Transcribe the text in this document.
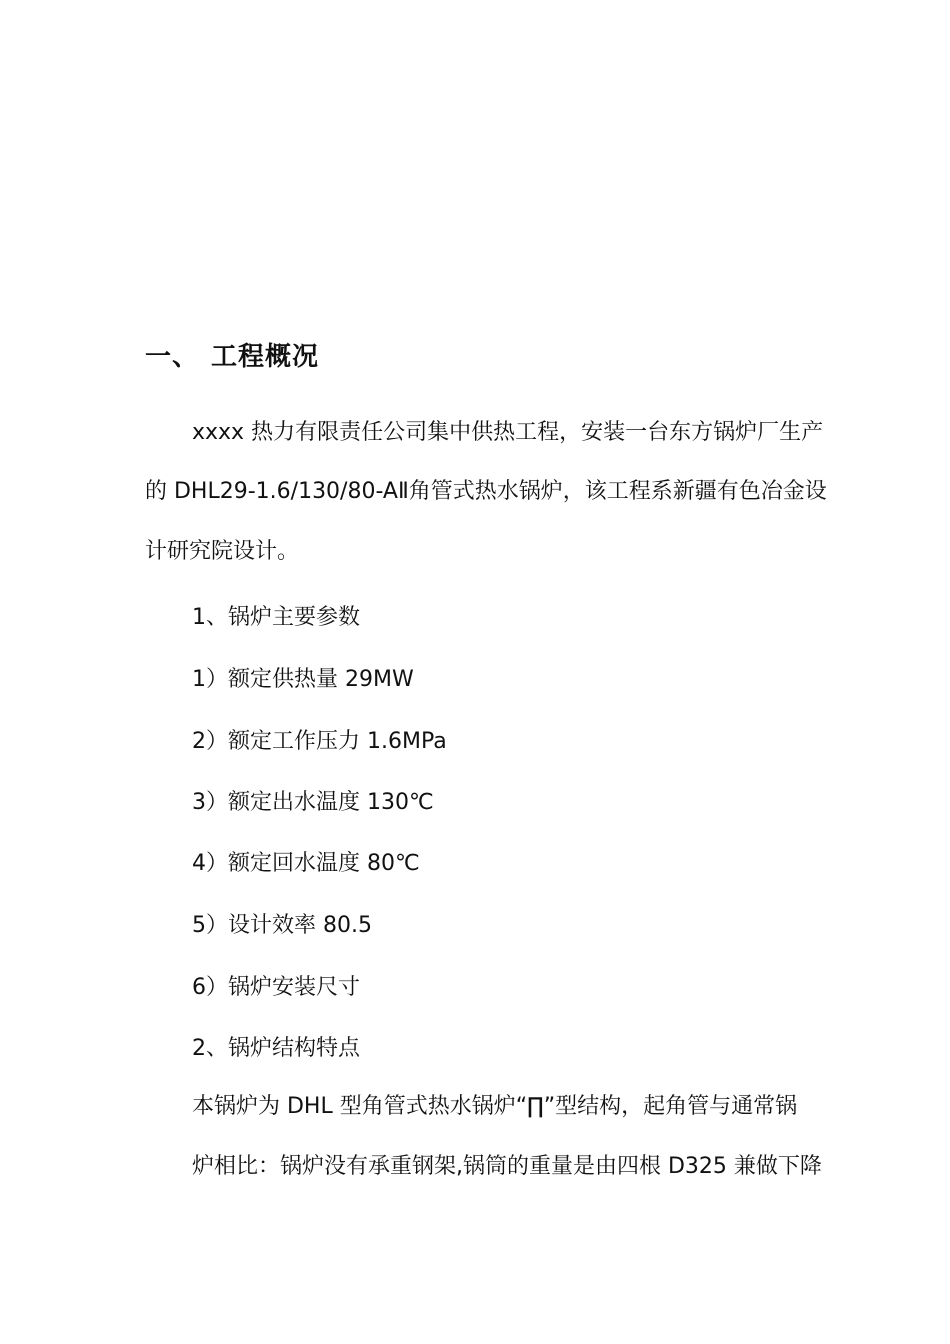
一、 工程概况
xxxx 热力有限责任公司集中供热工程，安装一台东方锅炉厂生产
的 DHL29-1.6/130/80-AⅡ角管式热水锅炉，该工程系新疆有色冶金设
计研究院设计。
1、锅炉主要参数
1）额定供热量 29MW
2）额定工作压力 1.6MPa
3）额定出水温度 130℃
4）额定回水温度 80℃
5）设计效率 80.5
6）锅炉安装尺寸
2、锅炉结构特点
本锅炉为 DHL 型角管式热水锅炉“∏”型结构，起角管与通常锅
炉相比：锅炉没有承重钢架,锅筒的重量是由四根 D325 兼做下降
